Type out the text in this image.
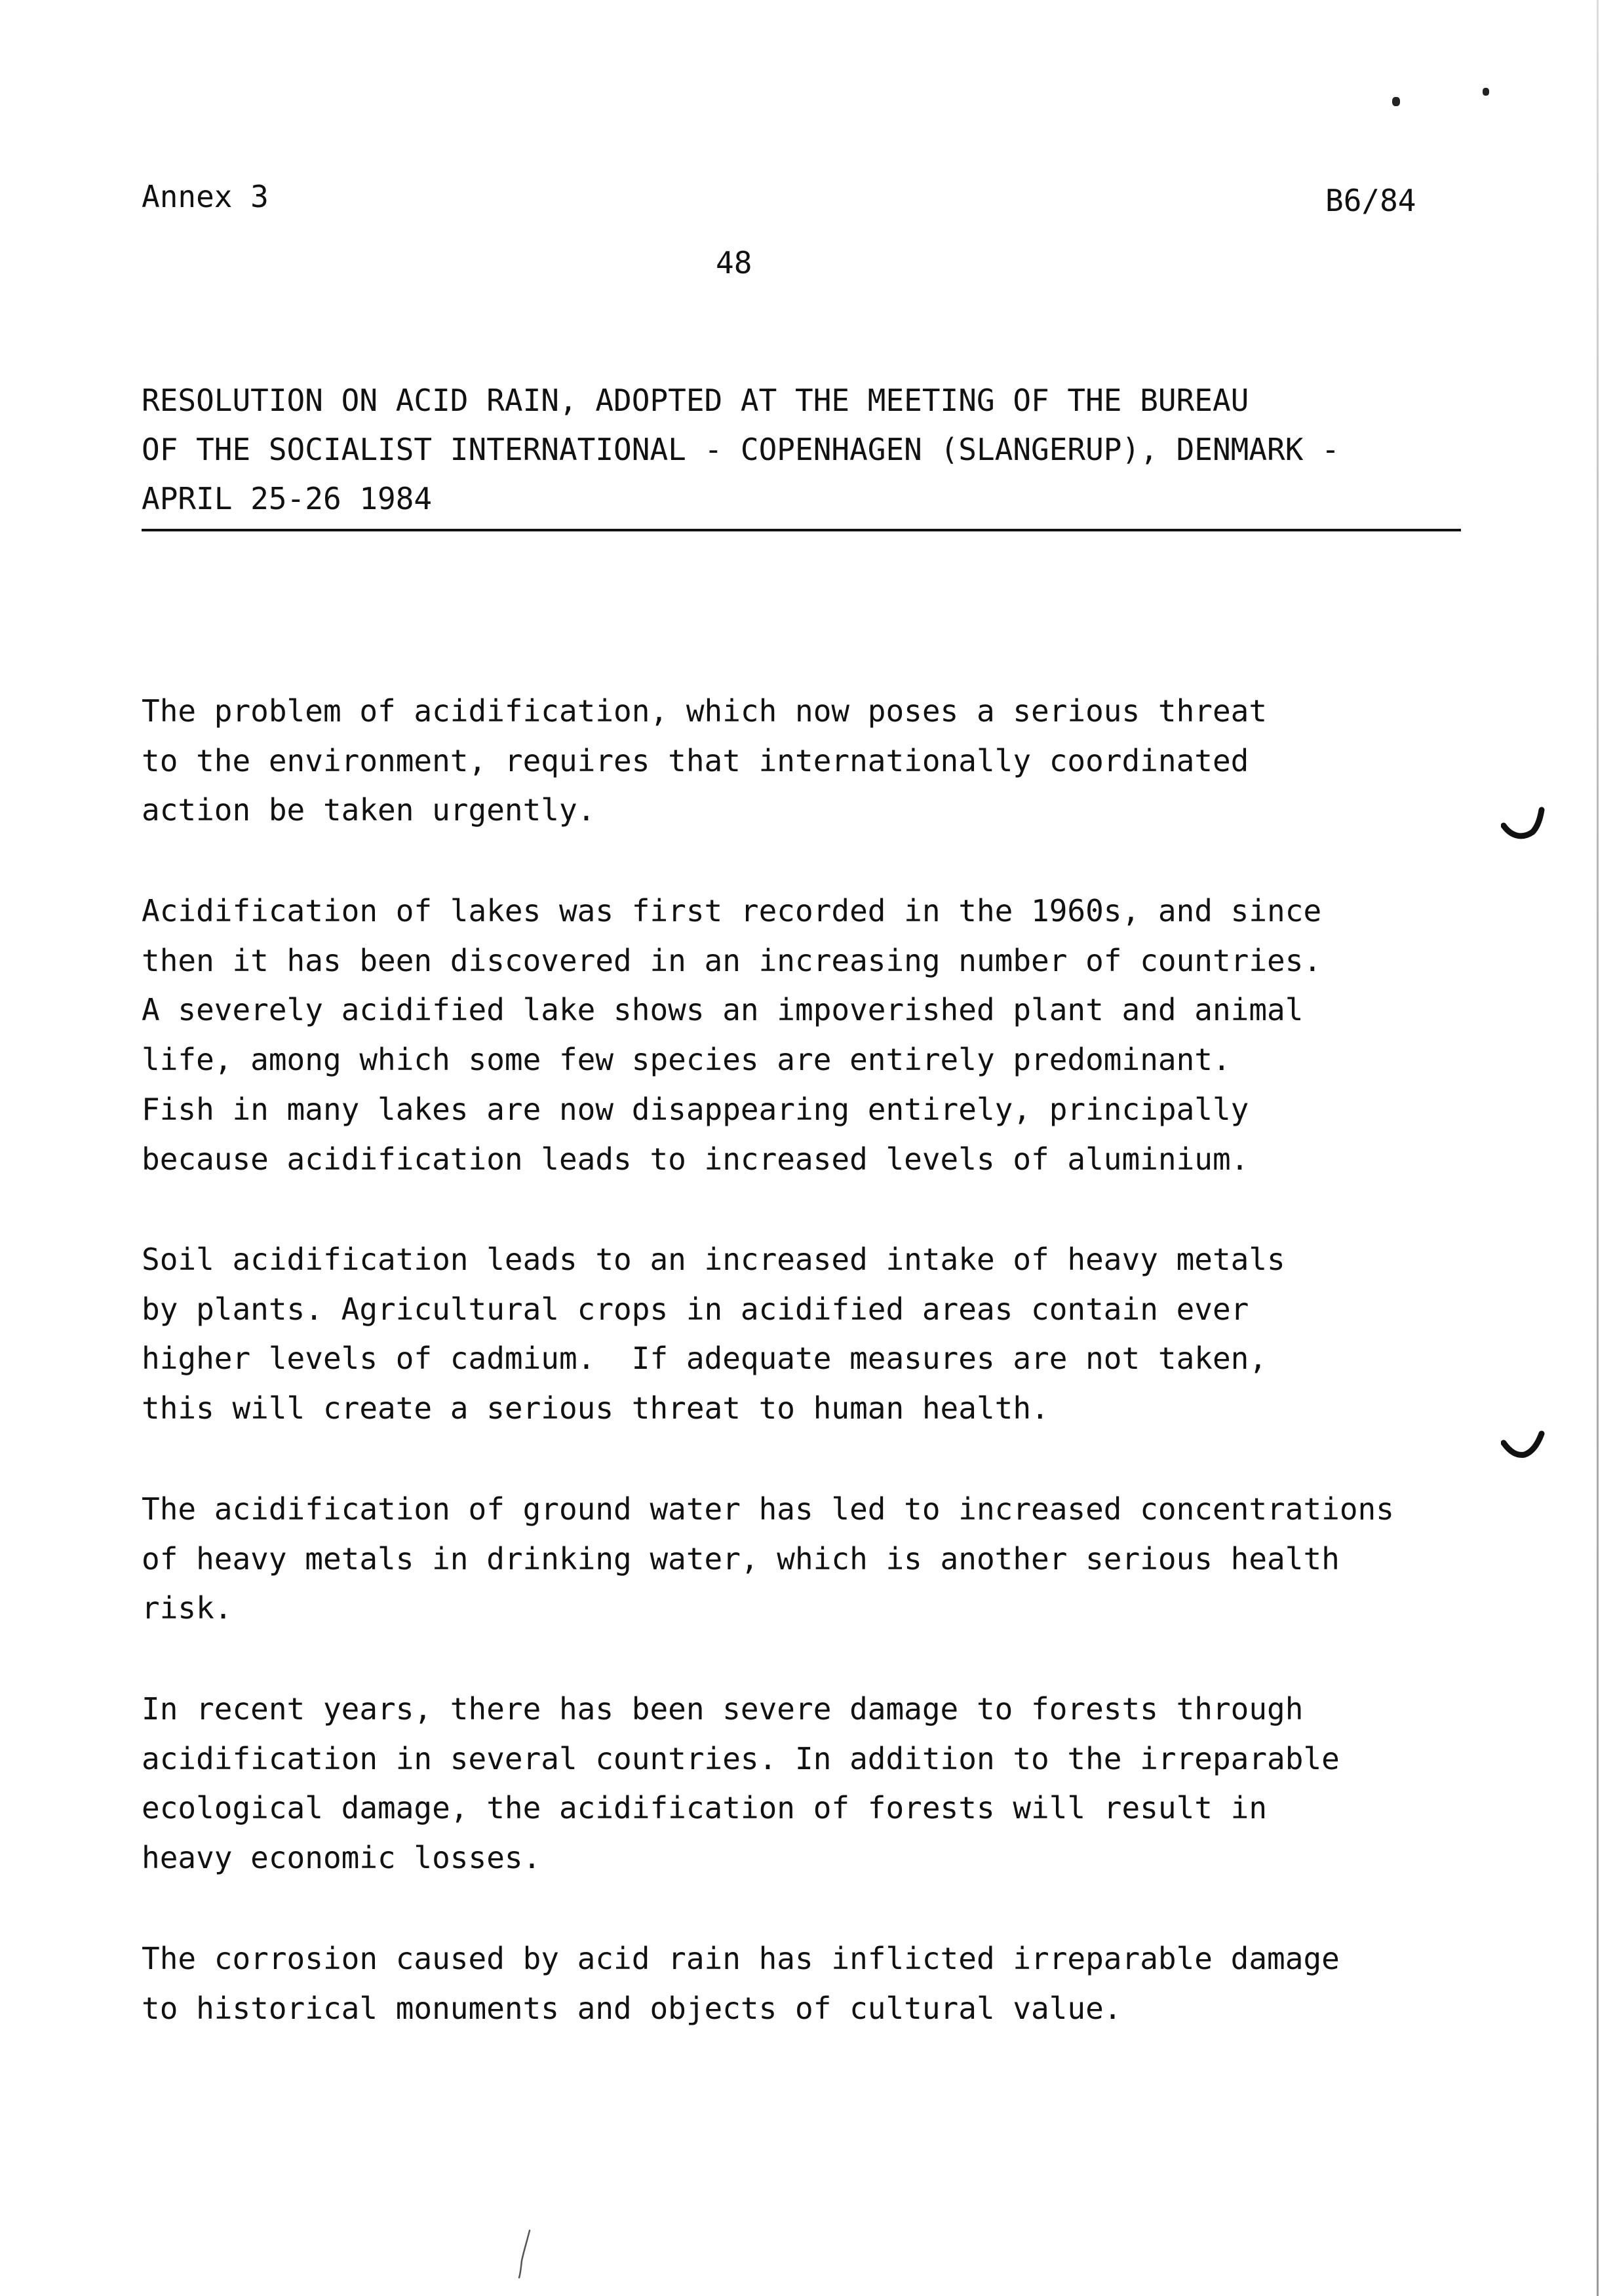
Annex 3	B6/84
48
RESOLUTION ON ACID RAIN, ADOPTED AT THE MEETING OF THE BUREAU
OF THE SOCIALIST INTERNATIONAL - COPENHAGEN (SLANGERUP), DENMARK -
APRIL 25-26 1984
The problem of acidification, which now poses a serious threat
to the environment, requires that internationally coordinated
action be taken urgently.
Acidification of lakes was first recorded in the 1960s, and since
then it has been discovered in an increasing number of countries.
A severely acidified lake shows an impoverished plant and animal
life, among which some few species are entirely predominant.
Fish in many lakes are now disappearing entirely, principally
because acidification leads to increased levels of aluminium.
Soil acidification leads to an increased intake of heavy metals
by plants. Agricultural crops in acidified areas contain ever
higher levels of cadmium.  If adequate measures are not taken,
this will create a serious threat to human health.
The acidification of ground water has led to increased concentrations
of heavy metals in drinking water, which is another serious health
risk.
In recent years, there has been severe damage to forests through
acidification in several countries. In addition to the irreparable
ecological damage, the acidification of forests will result in
heavy economic losses.
The corrosion caused by acid rain has inflicted irreparable damage
to historical monuments and objects of cultural value.
